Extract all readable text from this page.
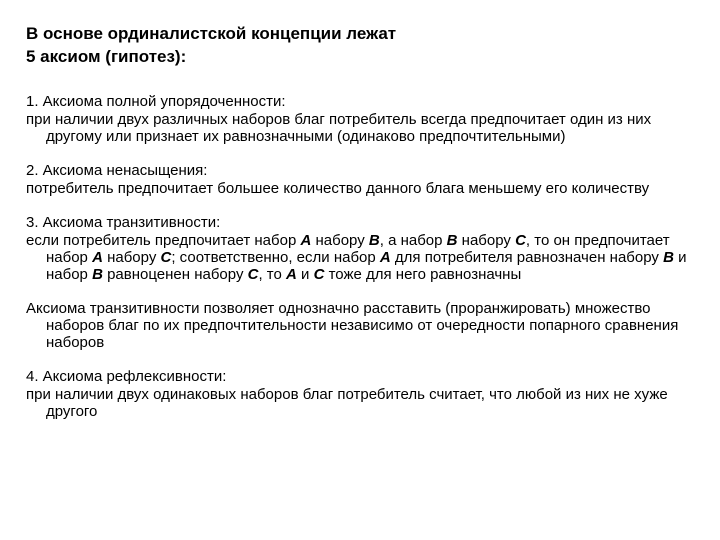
В основе ординалистской концепции лежат
5 аксиом (гипотез):

1. Аксиома полной упорядоченности:

при наличии двух различных наборов благ потребитель всегда предпочитает один из них другому или признает их равнозначными (одинаково предпочтительными)

2. Аксиома ненасыщения:

потребитель предпочитает большее количество данного блага меньшему его количеству

3. Аксиома транзитивности:

если потребитель предпочитает набор A набору B, а набор B набору C, то он предпочитает набор A набору C; соответственно, если набор A для потребителя равнозначен набору B и набор B равноценен набору C, то A и C тоже для него равнозначны

Аксиома транзитивности позволяет однозначно расставить (проранжировать) множество наборов благ по их предпочтительности независимо от очередности попарного сравнения наборов

4. Аксиома рефлексивности:

при наличии двух одинаковых наборов благ потребитель считает, что любой из них не хуже другого
